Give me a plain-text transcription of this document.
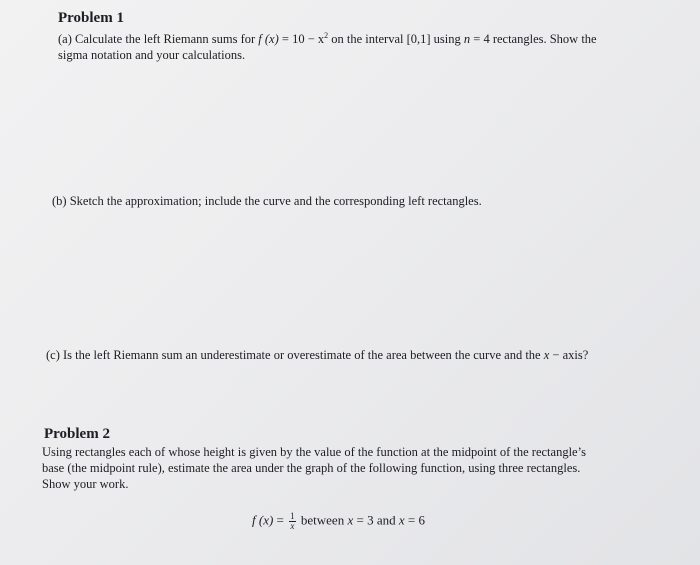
Problem 1
(a) Calculate the left Riemann sums for f $(x) = 10 - x^2$ on the interval [0,1] using n = 4 rectangles. Show the
sigma notation and your calculations.
(b) Sketch the approximation; include the curve and the corresponding left rectangles.
(c) Is the left Riemann sum an underestimate or overestimate of the area between the curve and the x − axis?
Problem 2
Using rectangles each of whose height is given by the value of the function at the midpoint of the rectangle’s
base (the midpoint rule), estimate the area under the graph of the following function, using three rectangles.
Show your work.
f $(x) = \frac{1}{x}$ between x = 3 and x = 6
